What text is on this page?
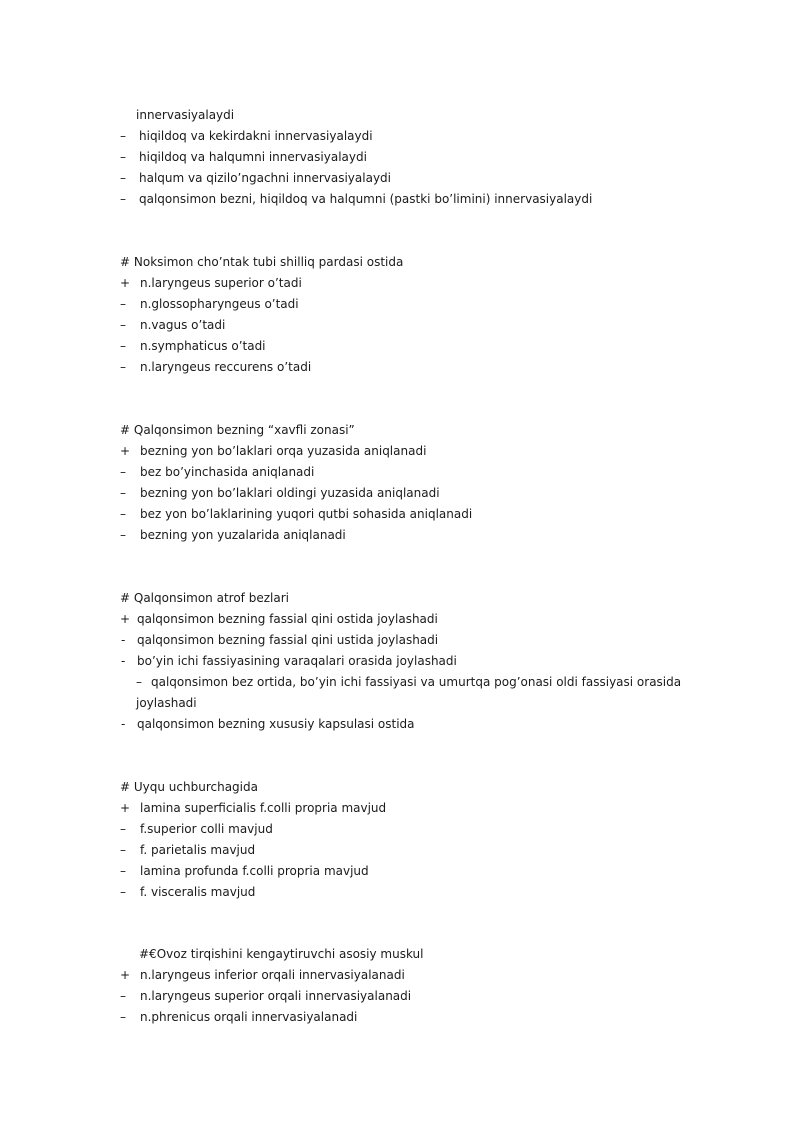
innervasiyalaydi
– hiqildoq va kekirdakni innervasiyalaydi
– hiqildoq va halqumni innervasiyalaydi
– halqum va qizilo’ngachni innervasiyalaydi
– qalqonsimon bezni, hiqildoq va halqumni (pastki bo’limini) innervasiyalaydi
# Noksimon cho’ntak tubi shilliq pardasi ostida
+ n.laryngeus superior o’tadi
– n.glossopharyngeus o’tadi
– n.vagus o’tadi
– n.symphaticus o’tadi
– n.laryngeus reccurens o’tadi
# Qalqonsimon bezning “xavfli zonasi”
+ bezning yon bo’laklari orqa yuzasida aniqlanadi
– bez bo’yinchasida aniqlanadi
– bezning yon bo’laklari oldingi yuzasida aniqlanadi
– bez yon bo’laklarining yuqori qutbi sohasida aniqlanadi
– bezning yon yuzalarida aniqlanadi
# Qalqonsimon atrof bezlari
+ qalqonsimon bezning fassial qini ostida joylashadi
- qalqonsimon bezning fassial qini ustida joylashadi
- bo’yin ichi fassiyasining varaqalari orasida joylashadi
– qalqonsimon bez ortida, bo’yin ichi fassiyasi va umurtqa pog’onasi oldi fassiyasi orasida
joylashadi
- qalqonsimon bezning xususiy kapsulasi ostida
# Uyqu uchburchagida
+ lamina superficialis f.colli propria mavjud
– f.superior colli mavjud
– f. parietalis mavjud
– lamina profunda f.colli propria mavjud
– f. visceralis mavjud
#€Ovoz tirqishini kengaytiruvchi asosiy muskul
+ n.laryngeus inferior orqali innervasiyalanadi
– n.laryngeus superior orqali innervasiyalanadi
– n.phrenicus orqali innervasiyalanadi
